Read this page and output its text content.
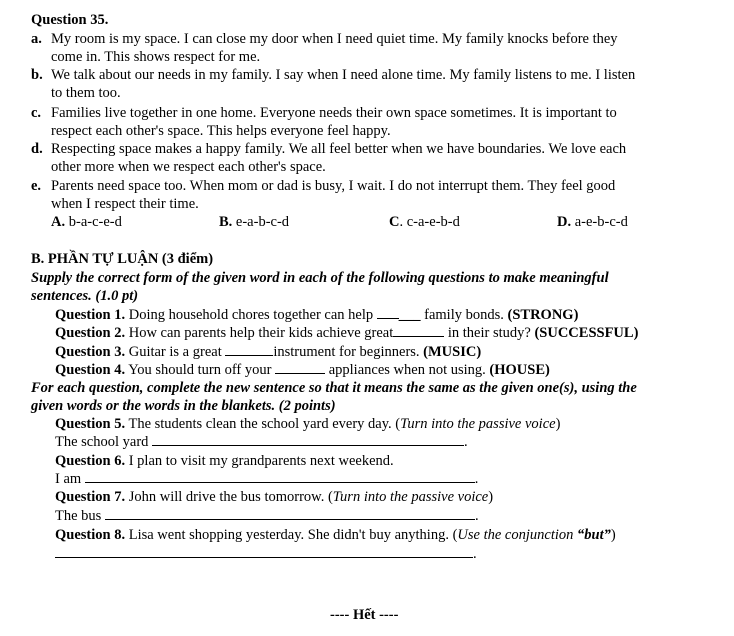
Question 35.
a. My room is my space. I can close my door when I need quiet time. My family knocks before they
come in. This shows respect for me.
b. We talk about our needs in my family. I say when I need alone time. My family listens to me. I listen
to them too.
c. Families live together in one home. Everyone needs their own space sometimes. It is important to
respect each other's space. This helps everyone feel happy.
d. Respecting space makes a happy family. We all feel better when we have boundaries. We love each
other more when we respect each other's space.
e. Parents need space too. When mom or dad is busy, I wait. I do not interrupt them. They feel good
when I respect their time.
A. b-a-c-e-d	B. e-a-b-c-d	C. c-a-e-b-d	D. a-e-b-c-d
B. PHẦN TỰ LUẬN (3 điểm)
Supply the correct form of the given word in each of the following questions to make meaningful
sentences. (1.0 pt)
Question 1. Doing household chores together can help ___ family bonds. (STRONG)
Question 2. How can parents help their kids achieve great	in their study? (SUCCESSFUL)
Question 3. Guitar is a great	instrument for beginners. (MUSIC)
Question 4. You should turn off your	appliances when not using. (HOUSE)
For each question, complete the new sentence so that it means the same as the given one(s), using the
given words or the words in the blankets. (2 points)
Question 5. The students clean the school yard every day. (Turn into the passive voice)
The school yard	.
Question 6. I plan to visit my grandparents next weekend.
I am	.
Question 7. John will drive the bus tomorrow. (Turn into the passive voice)
The bus	.
Question 8. Lisa went shopping yesterday. She didn't buy anything. (Use the conjunction “but”)
.
---- Hết ----
